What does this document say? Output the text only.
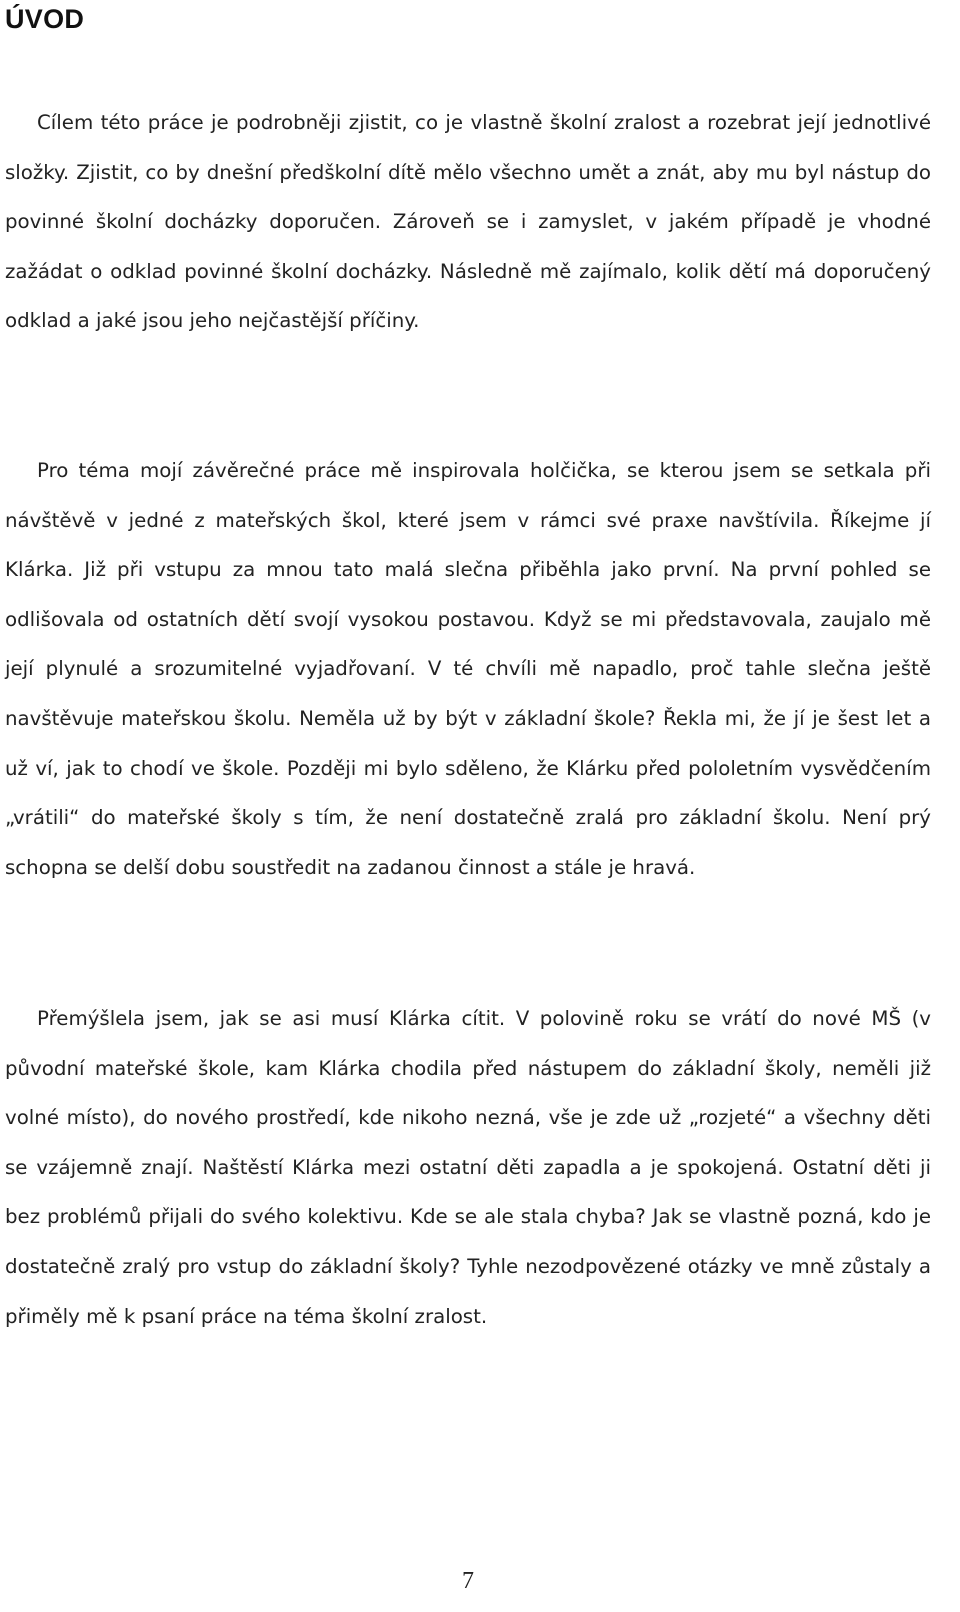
ÚVOD

Cílem této práce je podrobněji zjistit, co je vlastně školní zralost a rozebrat její jednotlivé složky. Zjistit, co by dnešní předškolní dítě mělo všechno umět a znát, aby mu byl nástup do povinné školní docházky doporučen. Zároveň se i zamyslet, v jakém případě je vhodné zažádat o odklad povinné školní docházky. Následně mě zajímalo, kolik dětí má doporučený odklad a jaké jsou jeho nejčastější příčiny.

Pro téma mojí závěrečné práce mě inspirovala holčička, se kterou jsem se setkala při návštěvě v jedné z mateřských škol, které jsem v rámci své praxe navštívila. Říkejme jí Klárka. Již při vstupu za mnou tato malá slečna přiběhla jako první. Na první pohled se odlišovala od ostatních dětí svojí vysokou postavou. Když se mi představovala, zaujalo mě její plynulé a srozumitelné vyjadřovaní. V té chvíli mě napadlo, proč tahle slečna ještě navštěvuje mateřskou školu. Neměla už by být v základní škole? Řekla mi, že jí je šest let a už ví, jak to chodí ve škole. Později mi bylo sděleno, že Klárku před pololetním vysvědčením „vrátili“ do mateřské školy s tím, že není dostatečně zralá pro základní školu. Není prý schopna se delší dobu soustředit na zadanou činnost a stále je hravá.

Přemýšlela jsem, jak se asi musí Klárka cítit. V polovině roku se vrátí do nové MŠ (v původní mateřské škole, kam Klárka chodila před nástupem do základní školy, neměli již volné místo), do nového prostředí, kde nikoho nezná, vše je zde už „rozjeté“ a všechny děti se vzájemně znají. Naštěstí Klárka mezi ostatní děti zapadla a je spokojená. Ostatní děti ji bez problémů přijali do svého kolektivu. Kde se ale stala chyba? Jak se vlastně pozná, kdo je dostatečně zralý pro vstup do základní školy? Tyhle nezodpovězené otázky ve mně zůstaly a přiměly mě k psaní práce na téma školní zralost.

7
